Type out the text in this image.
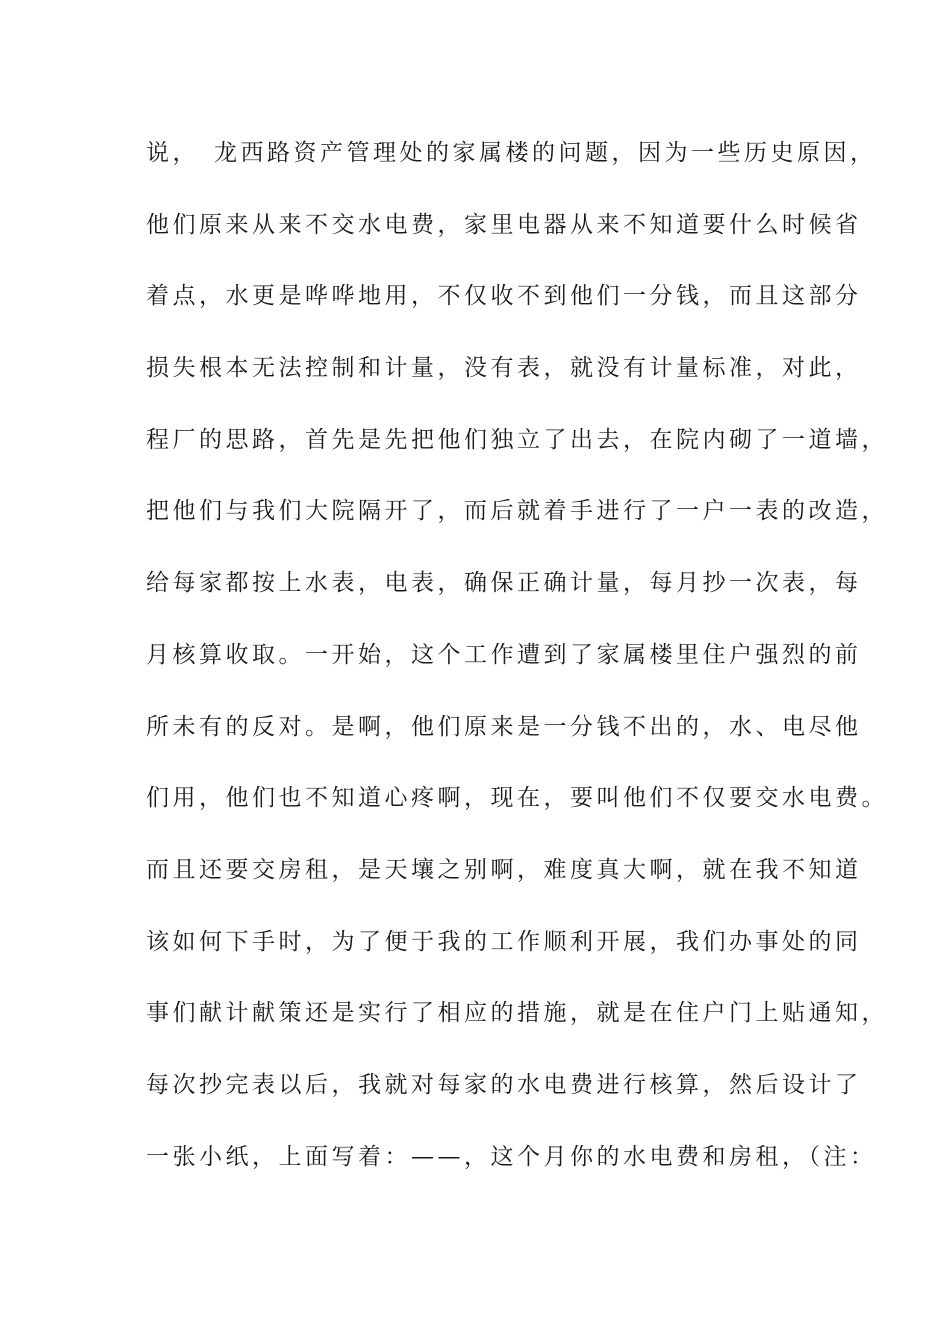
说，　龙西路资产管理处的家属楼的问题，因为一些历史原因，
他们原来从来不交水电费，家里电器从来不知道要什么时候省
着点，水更是哗哗地用，不仅收不到他们一分钱，而且这部分
损失根本无法控制和计量，没有表，就没有计量标准，对此，
程厂的思路，首先是先把他们独立了出去，在院内砌了一道墙，
把他们与我们大院隔开了，而后就着手进行了一户一表的改造，
给每家都按上水表，电表，确保正确计量，每月抄一次表，每
月核算收取。一开始，这个工作遭到了家属楼里住户强烈的前
所未有的反对。是啊，他们原来是一分钱不出的，水、电尽他
们用，他们也不知道心疼啊，现在，要叫他们不仅要交水电费。
而且还要交房租，是天壤之别啊，难度真大啊，就在我不知道
该如何下手时，为了便于我的工作顺利开展，我们办事处的同
事们献计献策还是实行了相应的措施，就是在住户门上贴通知，
每次抄完表以后，我就对每家的水电费进行核算，然后设计了
一张小纸，上面写着：——，这个月你的水电费和房租，（注：
